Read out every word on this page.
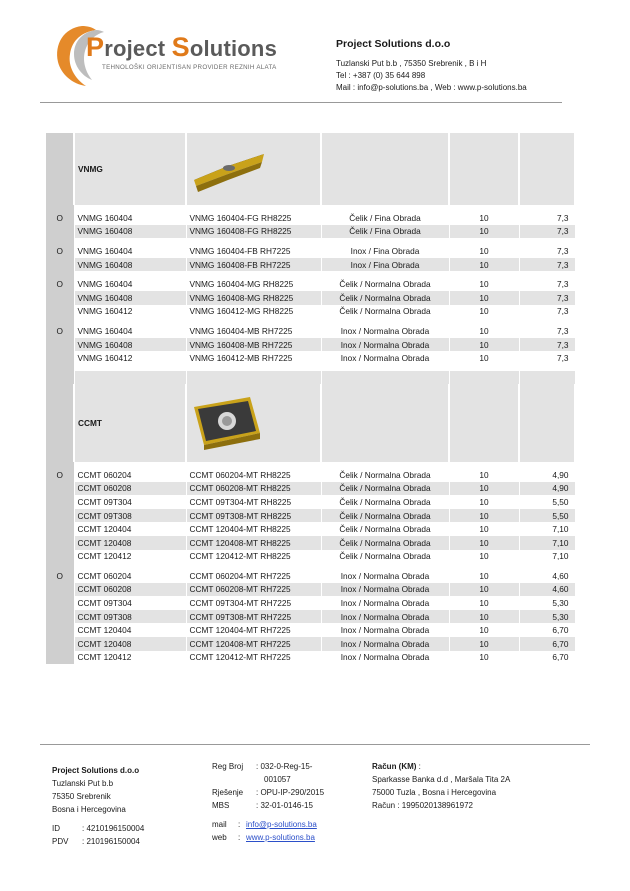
Project Solutions
TEHNOLOŠKI ORIJENTISAN PROVIDER REZNIH ALATA
Project Solutions d.o.o
Tuzlanski Put b.b , 75350 Srebrenik , B i H
Tel : +387 (0) 35 644 898
Mail : info@p-solutions.ba , Web : www.p-solutions.ba
	VNMG				

O	VNMG 160404	VNMG 160404-FG RH8225	Čelik / Fina Obrada	10	7,3
	VNMG 160408	VNMG 160408-FG RH8225	Čelik / Fina Obrada	10	7,3

O	VNMG 160404	VNMG 160404-FB RH7225	Inox / Fina Obrada	10	7,3
	VNMG 160408	VNMG 160408-FB RH7225	Inox / Fina Obrada	10	7,3

O	VNMG 160404	VNMG 160404-MG RH8225	Čelik / Normalna Obrada	10	7,3
	VNMG 160408	VNMG 160408-MG RH8225	Čelik / Normalna Obrada	10	7,3
	VNMG 160412	VNMG 160412-MG RH8225	Čelik / Normalna Obrada	10	7,3

O	VNMG 160404	VNMG 160404-MB RH7225	Inox / Normalna Obrada	10	7,3
	VNMG 160408	VNMG 160408-MB RH7225	Inox / Normalna Obrada	10	7,3
	VNMG 160412	VNMG 160412-MB RH7225	Inox / Normalna Obrada	10	7,3

	CCMT				

O	CCMT 060204	CCMT 060204-MT RH8225	Čelik / Normalna Obrada	10	4,90
	CCMT 060208	CCMT 060208-MT RH8225	Čelik / Normalna Obrada	10	4,90
	CCMT 09T304	CCMT 09T304-MT RH8225	Čelik / Normalna Obrada	10	5,50
	CCMT 09T308	CCMT 09T308-MT RH8225	Čelik / Normalna Obrada	10	5,50
	CCMT 120404	CCMT 120404-MT RH8225	Čelik / Normalna Obrada	10	7,10
	CCMT 120408	CCMT 120408-MT RH8225	Čelik / Normalna Obrada	10	7,10
	CCMT 120412	CCMT 120412-MT RH8225	Čelik / Normalna Obrada	10	7,10

O	CCMT 060204	CCMT 060204-MT RH7225	Inox / Normalna Obrada	10	4,60
	CCMT 060208	CCMT 060208-MT RH7225	Inox / Normalna Obrada	10	4,60
	CCMT 09T304	CCMT 09T304-MT RH7225	Inox / Normalna Obrada	10	5,30
	CCMT 09T308	CCMT 09T308-MT RH7225	Inox / Normalna Obrada	10	5,30
	CCMT 120404	CCMT 120404-MT RH7225	Inox / Normalna Obrada	10	6,70
	CCMT 120408	CCMT 120408-MT RH7225	Inox / Normalna Obrada	10	6,70
	CCMT 120412	CCMT 120412-MT RH7225	Inox / Normalna Obrada	10	6,70
Project Solutions d.o.o
Tuzlanski Put b.b
75350 Srebrenik
Bosna i Hercegovina
ID	: 4210196150004
PDV	: 210196150004
Reg Broj	: 032-0-Reg-15-
001057
Rješenje	: OPU-IP-290/2015
MBS	: 32-01-0146-15
mail	: info@p-solutions.ba
web	: www.p-solutions.ba
Račun (KM) :
Sparkasse Banka d.d , Maršala Tita 2A
75000 Tuzla , Bosna i Hercegovina
Račun : 1995020138961972
